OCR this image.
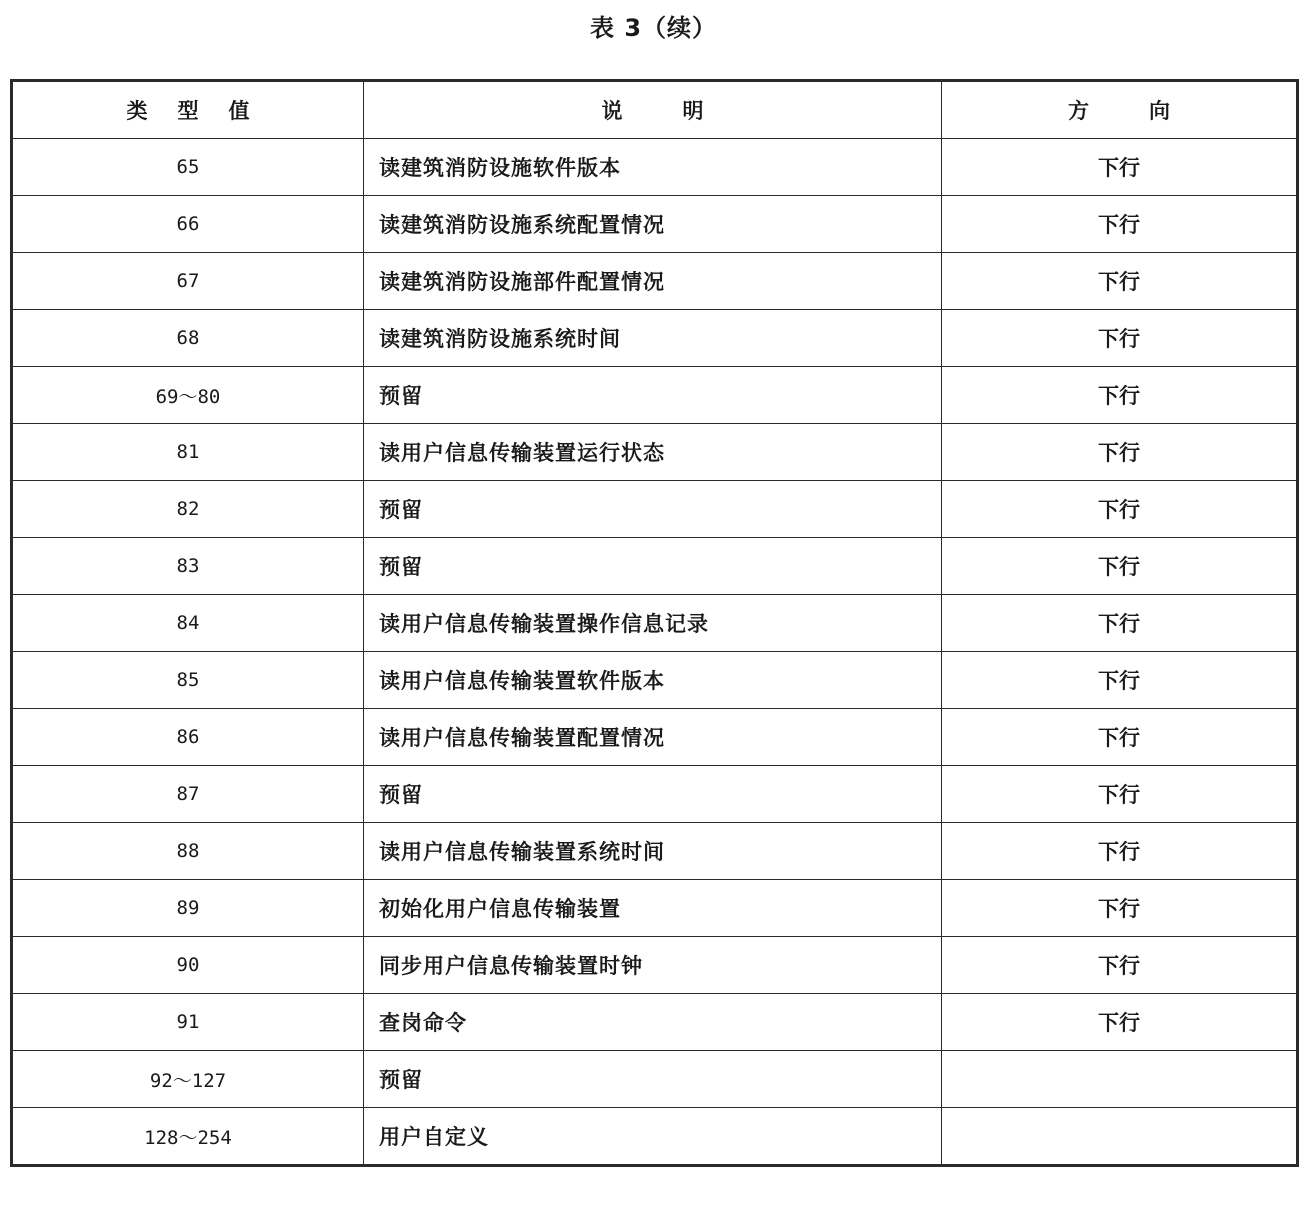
表 3（续）
类 型 值	说 明	方 向
65	读建筑消防设施软件版本	下行
66	读建筑消防设施系统配置情况	下行
67	读建筑消防设施部件配置情况	下行
68	读建筑消防设施系统时间	下行
69～80	预留	下行
81	读用户信息传输装置运行状态	下行
82	预留	下行
83	预留	下行
84	读用户信息传输装置操作信息记录	下行
85	读用户信息传输装置软件版本	下行
86	读用户信息传输装置配置情况	下行
87	预留	下行
88	读用户信息传输装置系统时间	下行
89	初始化用户信息传输装置	下行
90	同步用户信息传输装置时钟	下行
91	查岗命令	下行
92～127	预留	
128～254	用户自定义	
